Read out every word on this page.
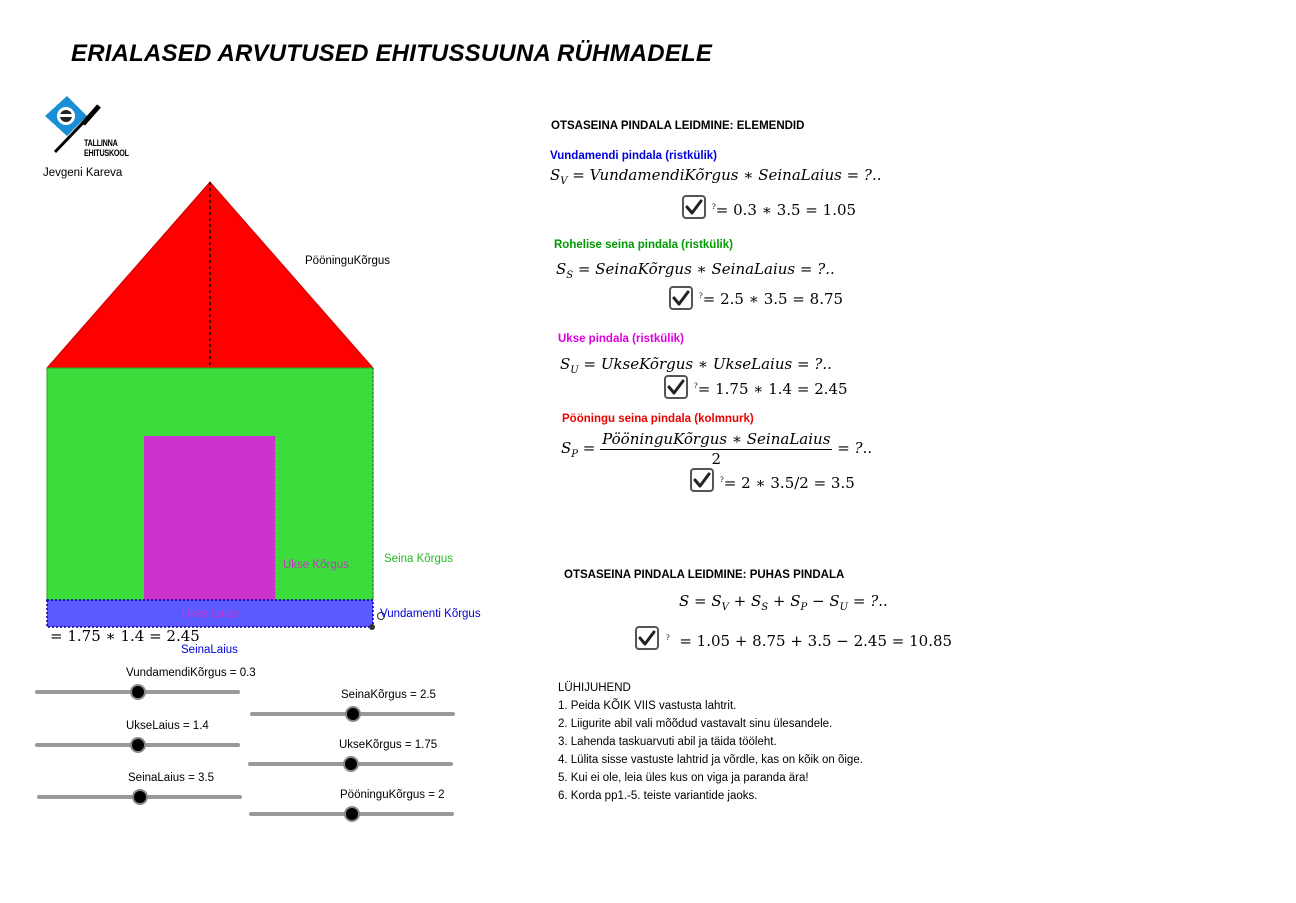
ERIALASED ARVUTUSED EHITUSSUUNA RÜHMADELE
TALLINNA
EHITUSKOOL
Jevgeni Kareva
PööninguKõrgus
Ukse Kõrgus	Seina Kõrgus
Vundamenti Kõrgus
Ukse Laius
SeinaLaius
= 1.75 ∗ 1.4 = 2.45
VundamendiKõrgus = 0.3
SeinaKõrgus = 2.5
UkseLaius = 1.4
UkseKõrgus = 1.75
SeinaLaius = 3.5
PööninguKõrgus = 2
OTSASEINA PINDALA LEIDMINE: ELEMENDID
Vundamendi pindala (ristkülik)
$S_V$ = VundamendiKõrgus ∗ SeinaLaius = ?..
?= 0.3 ∗ 3.5 = 1.05
Rohelise seina pindala (ristkülik)
$S_S$ = SeinaKõrgus ∗ SeinaLaius = ?..
?= 2.5 ∗ 3.5 = 8.75
Ukse pindala (ristkülik)
$S_U$ = UkseKõrgus ∗ UkseLaius = ?..
?= 1.75 ∗ 1.4 = 2.45
Pööningu seina pindala (kolmnurk)
$S_P = \frac{\text{PööninguKõrgus ∗ SeinaLaius}}{2}$ = ?..
?= 2 ∗ 3.5/2 = 3.5
OTSASEINA PINDALA LEIDMINE: PUHAS PINDALA
$S = S_V + S_S + S_P - S_U$ = ?..
? = 1.05 + 8.75 + 3.5 − 2.45 = 10.85
LÜHIJUHEND
1. Peida KÕIK VIIS vastusta lahtrit.
2. Liigurite abil vali mõõdud vastavalt sinu ülesandele.
3. Lahenda taskuarvuti abil ja täida tööleht.
4. Lülita sisse vastuste lahtrid ja võrdle, kas on kõik on õige.
5. Kui ei ole, leia üles kus on viga ja paranda ära!
6. Korda pp1.-5. teiste variantide jaoks.
